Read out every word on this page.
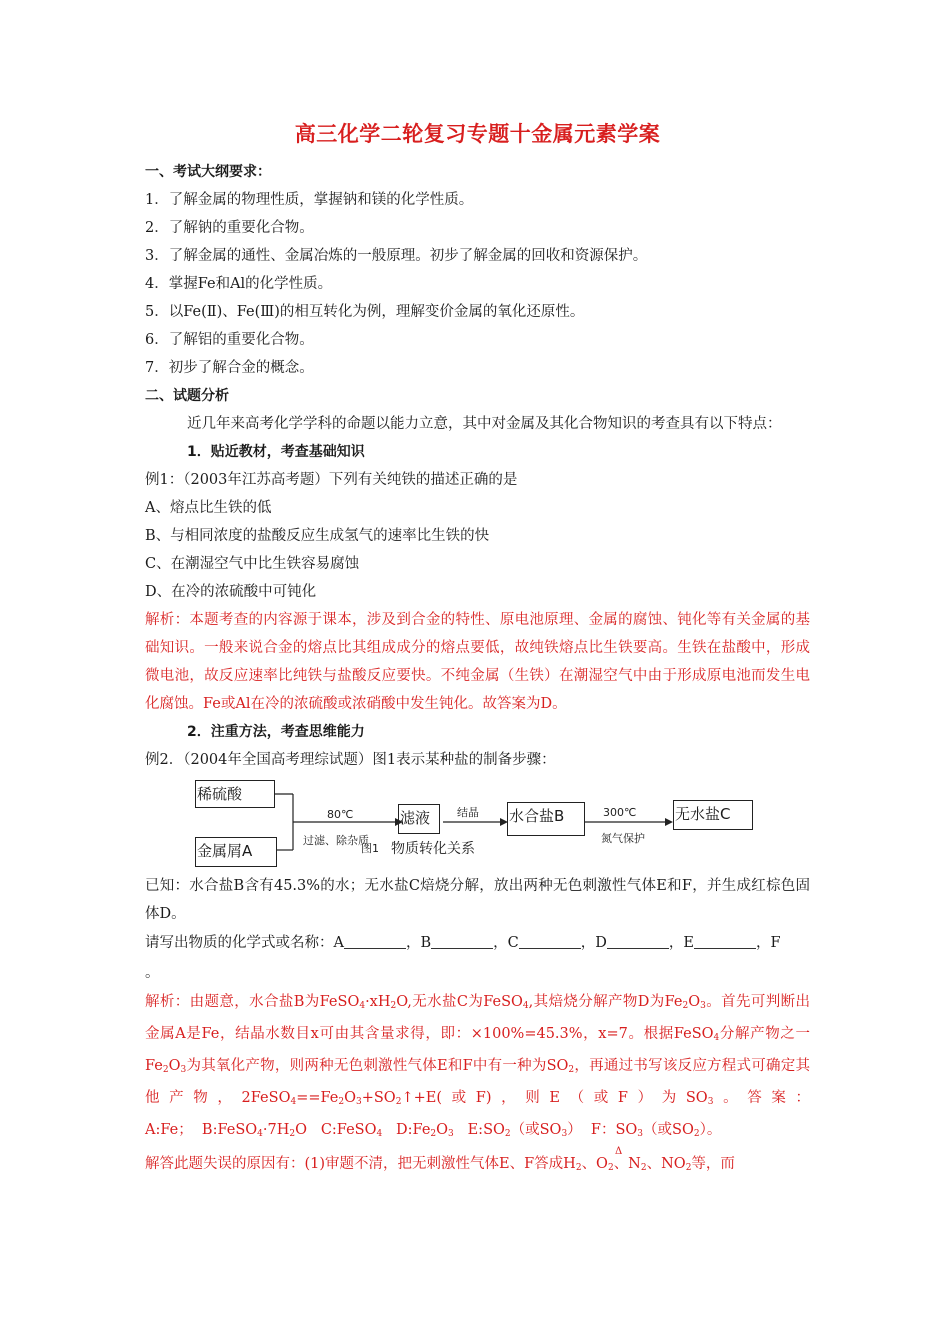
高三化学二轮复习专题十金属元素学案

一、考试大纲要求：

1．了解金属的物理性质，掌握钠和镁的化学性质。

2．了解钠的重要化合物。

3．了解金属的通性、金属冶炼的一般原理。初步了解金属的回收和资源保护。

4．掌握Fe和Al的化学性质。

5．以Fe(Ⅱ)、Fe(Ⅲ)的相互转化为例，理解变价金属的氧化还原性。

6．了解铝的重要化合物。

7．初步了解合金的概念。

二、试题分析

近几年来高考化学学科的命题以能力立意，其中对金属及其化合物知识的考查具有以下特点：

1．贴近教材，考查基础知识

例1：（2003年江苏高考题）下列有关纯铁的描述正确的是

A、熔点比生铁的低

B、与相同浓度的盐酸反应生成氢气的速率比生铁的快

C、在潮湿空气中比生铁容易腐蚀

D、在冷的浓硫酸中可钝化

解析：本题考查的内容源于课本，涉及到合金的特性、原电池原理、金属的腐蚀、钝化等有关金属的基础知识。一般来说合金的熔点比其组成成分的熔点要低，故纯铁熔点比生铁要高。生铁在盐酸中，形成微电池，故反应速率比纯铁与盐酸反应要快。不纯金属（生铁）在潮湿空气中由于形成原电池而发生电化腐蚀。Fe或Al在冷的浓硫酸或浓硝酸中发生钝化。故答案为D。

2．注重方法，考查思维能力

例2．（2004年全国高考理综试题）图1表示某种盐的制备步骤：

稀硫酸
金属屑A
80℃
过滤、除杂质
滤液	结晶 水合盐B	300℃
氮气保护
无水盐C
图1 物质转化关系

已知：水合盐B含有45.3%的水；无水盐C焙烧分解，放出两种无色刺激性气体E和F，并生成红棕色固体D。

请写出物质的化学式或名称：A	，B	，C	，D	，E	，F
。

解析：由题意，水合盐B为$FeSO_4\cdot xH_2O$,无水盐C为FeSO$_4$,其焙烧分解产物D为$Fe_2O_3$。首先可判断出金属A是Fe，结晶水数目x可由其含量求得，即：×100%=45.3%，x=7。根据FeSO$_4$分解产物之一$Fe_2O_3$为其氧化产物，则两种无色刺激性气体E和F中有一种为$SO_2$，再通过书写该反应方程式可确定其他产物，$2FeSO_4==Fe_2O_3+SO_2↑+E$(或F)，则E（或F）为$SO_3$。答案：A:Fe；  $B:FeSO_4\cdot 7H_2O$   C:FeSO$_4$   $D:Fe_2O_3$   $E:SO_2$（或$SO_3$）  F：$SO_3$（或$SO_2$）。

Δ
解答此题失误的原因有：(1)审题不清，把无刺激性气体E、F答成$H_2$、$O_2$、$N_2$、$NO_2$等，而
